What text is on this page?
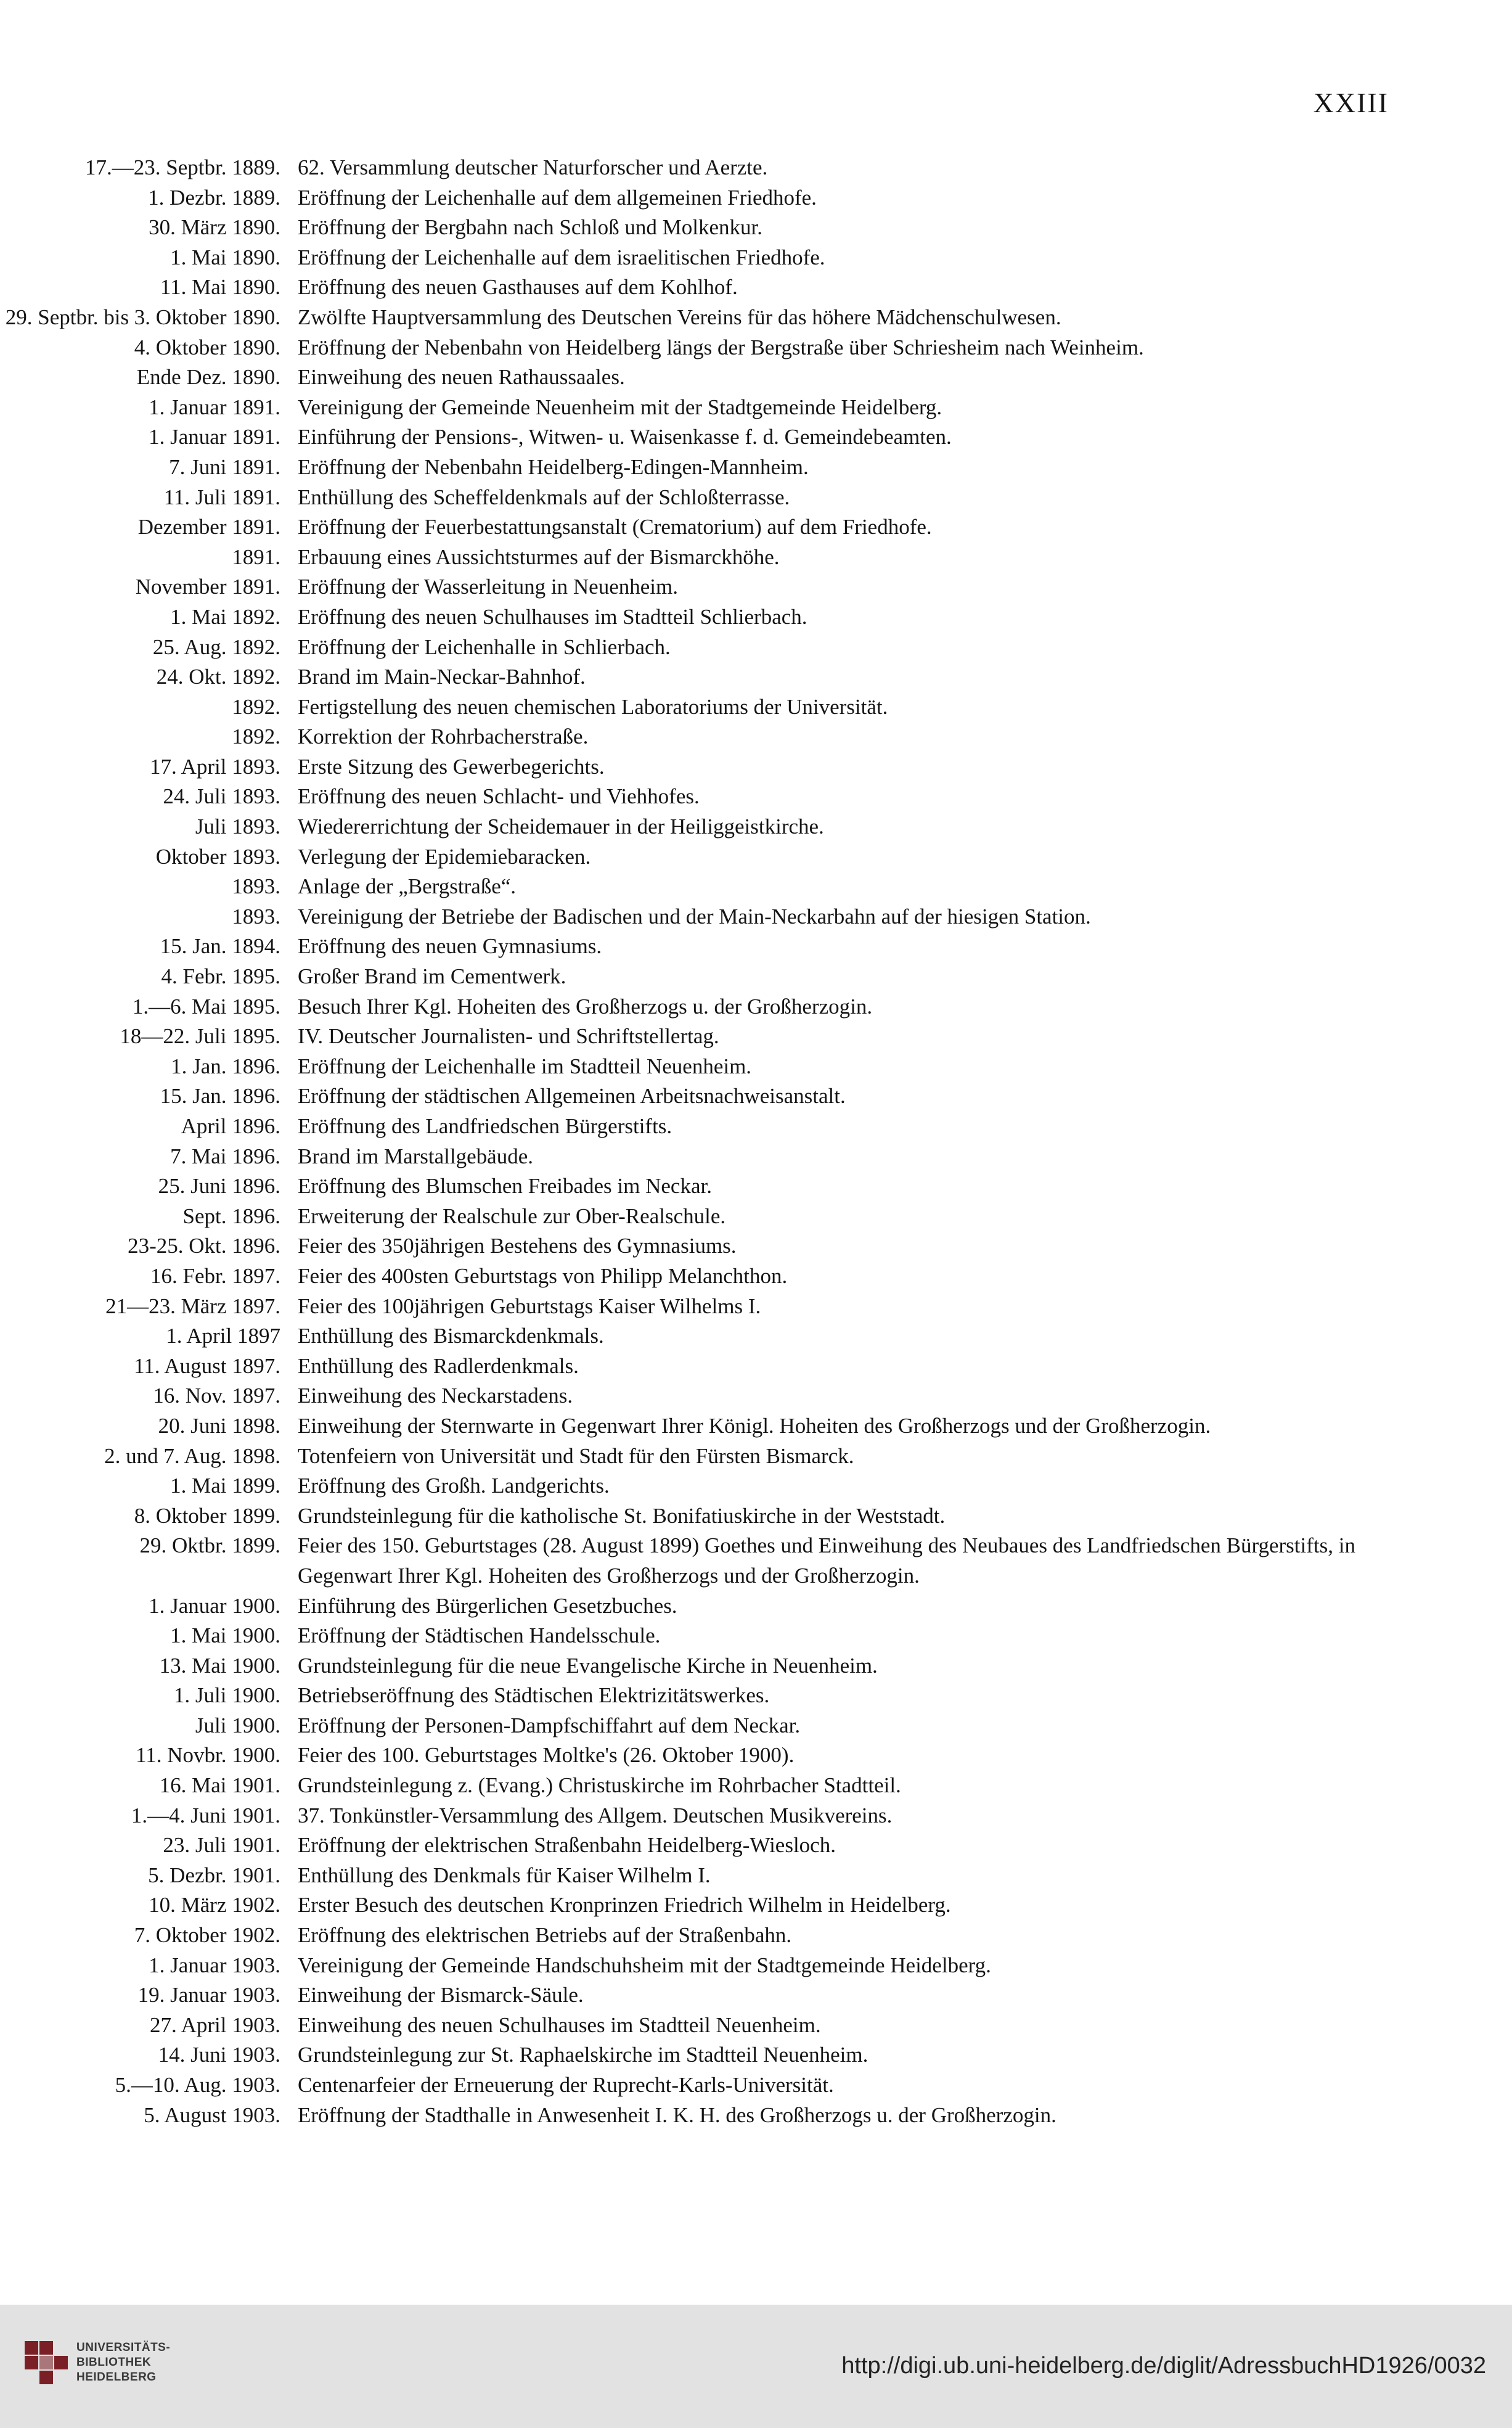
XXIII
17.—23. Septbr. 1889. 62. Versammlung deutscher Naturforscher und Aerzte.
1. Dezbr. 1889. Eröffnung der Leichenhalle auf dem allgemeinen Friedhofe.
30. März 1890. Eröffnung der Bergbahn nach Schloß und Molkenkur.
1. Mai 1890. Eröffnung der Leichenhalle auf dem israelitischen Friedhofe.
11. Mai 1890. Eröffnung des neuen Gasthauses auf dem Kohlhof.
29. Septbr. bis 3. Oktober 1890. Zwölfte Hauptversammlung des Deutschen Vereins für das höhere Mädchenschulwesen.
4. Oktober 1890. Eröffnung der Nebenbahn von Heidelberg längs der Bergstraße über Schriesheim nach Weinheim.
Ende Dez. 1890. Einweihung des neuen Rathaussaales.
1. Januar 1891. Vereinigung der Gemeinde Neuenheim mit der Stadtgemeinde Heidelberg.
1. Januar 1891. Einführung der Pensions-, Witwen- u. Waisenkasse f. d. Gemeindebeamten.
7. Juni 1891. Eröffnung der Nebenbahn Heidelberg-Edingen-Mannheim.
11. Juli 1891. Enthüllung des Scheffeldenkmals auf der Schloßterrasse.
Dezember 1891. Eröffnung der Feuerbestattungsanstalt (Crematorium) auf dem Friedhofe.
1891. Erbauung eines Aussichtsturmes auf der Bismarckhöhe.
November 1891. Eröffnung der Wasserleitung in Neuenheim.
1. Mai 1892. Eröffnung des neuen Schulhauses im Stadtteil Schlierbach.
25. Aug. 1892. Eröffnung der Leichenhalle in Schlierbach.
24. Okt. 1892. Brand im Main-Neckar-Bahnhof.
1892. Fertigstellung des neuen chemischen Laboratoriums der Universität.
1892. Korrektion der Rohrbacherstraße.
17. April 1893. Erste Sitzung des Gewerbegerichts.
24. Juli 1893. Eröffnung des neuen Schlacht- und Viehhofes.
Juli 1893. Wiedererrichtung der Scheidemauer in der Heiliggeistkirche.
Oktober 1893. Verlegung der Epidemiebaracken.
1893. Anlage der „Bergstraße“.
1893. Vereinigung der Betriebe der Badischen und der Main-Neckarbahn auf der hiesigen Station.
15. Jan. 1894. Eröffnung des neuen Gymnasiums.
4. Febr. 1895. Großer Brand im Cementwerk.
1.—6. Mai 1895. Besuch Ihrer Kgl. Hoheiten des Großherzogs u. der Großherzogin.
18—22. Juli 1895. IV. Deutscher Journalisten- und Schriftstellertag.
1. Jan. 1896. Eröffnung der Leichenhalle im Stadtteil Neuenheim.
15. Jan. 1896. Eröffnung der städtischen Allgemeinen Arbeitsnachweisanstalt.
April 1896. Eröffnung des Landfriedschen Bürgerstifts.
7. Mai 1896. Brand im Marstallgebäude.
25. Juni 1896. Eröffnung des Blumschen Freibades im Neckar.
Sept. 1896. Erweiterung der Realschule zur Ober-Realschule.
23-25. Okt. 1896. Feier des 350jährigen Bestehens des Gymnasiums.
16. Febr. 1897. Feier des 400sten Geburtstags von Philipp Melanchthon.
21—23. März 1897. Feier des 100jährigen Geburtstags Kaiser Wilhelms I.
1. April 1897 Enthüllung des Bismarckdenkmals.
11. August 1897. Enthüllung des Radlerdenkmals.
16. Nov. 1897. Einweihung des Neckarstadens.
20. Juni 1898. Einweihung der Sternwarte in Gegenwart Ihrer Königl. Hoheiten des Großherzogs und der Großherzogin.
2. und 7. Aug. 1898. Totenfeiern von Universität und Stadt für den Fürsten Bismarck.
1. Mai 1899. Eröffnung des Großh. Landgerichts.
8. Oktober 1899. Grundsteinlegung für die katholische St. Bonifatiuskirche in der Weststadt.
29. Oktbr. 1899. Feier des 150. Geburtstages (28. August 1899) Goethes und Einweihung des Neubaues des Landfriedschen Bürgerstifts, in Gegenwart Ihrer Kgl. Hoheiten des Großherzogs und der Großherzogin.
1. Januar 1900. Einführung des Bürgerlichen Gesetzbuches.
1. Mai 1900. Eröffnung der Städtischen Handelsschule.
13. Mai 1900. Grundsteinlegung für die neue Evangelische Kirche in Neuenheim.
1. Juli 1900. Betriebseröffnung des Städtischen Elektrizitätswerkes.
Juli 1900. Eröffnung der Personen-Dampfschiffahrt auf dem Neckar.
11. Novbr. 1900. Feier des 100. Geburtstages Moltke's (26. Oktober 1900).
16. Mai 1901. Grundsteinlegung z. (Evang.) Christuskirche im Rohrbacher Stadtteil.
1.—4. Juni 1901. 37. Tonkünstler-Versammlung des Allgem. Deutschen Musikvereins.
23. Juli 1901. Eröffnung der elektrischen Straßenbahn Heidelberg-Wiesloch.
5. Dezbr. 1901. Enthüllung des Denkmals für Kaiser Wilhelm I.
10. März 1902. Erster Besuch des deutschen Kronprinzen Friedrich Wilhelm in Heidelberg.
7. Oktober 1902. Eröffnung des elektrischen Betriebs auf der Straßenbahn.
1. Januar 1903. Vereinigung der Gemeinde Handschuhsheim mit der Stadtgemeinde Heidelberg.
19. Januar 1903. Einweihung der Bismarck-Säule.
27. April 1903. Einweihung des neuen Schulhauses im Stadtteil Neuenheim.
14. Juni 1903. Grundsteinlegung zur St. Raphaelskirche im Stadtteil Neuenheim.
5.—10. Aug. 1903. Centenarfeier der Erneuerung der Ruprecht-Karls-Universität.
5. August 1903. Eröffnung der Stadthalle in Anwesenheit I. K. H. des Großherzogs u. der Großherzogin.
UNIVERSITÄTS-
BIBLIOTHEK
HEIDELBERG	http://digi.ub.uni-heidelberg.de/diglit/AdressbuchHD1926/0032
